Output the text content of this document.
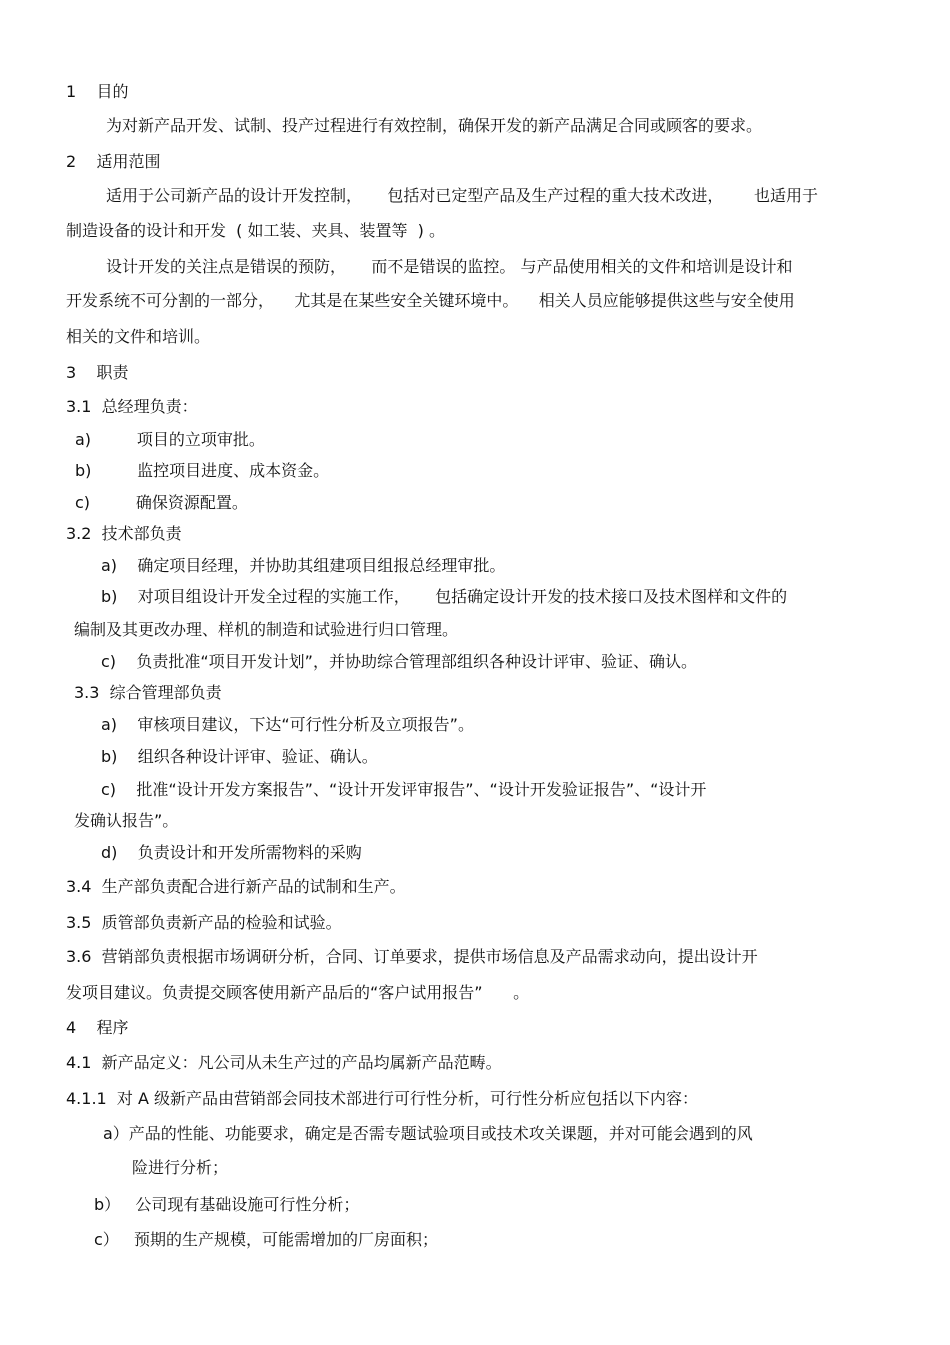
1    目的
为对新产品开发、试制、投产过程进行有效控制，确保开发的新产品满足合同或顾客的要求。
2    适用范围
适用于公司新产品的设计开发控制，     包括对已定型产品及生产过程的重大技术改进，      也适用于
制造设备的设计和开发  ( 如工装、夹具、装置等  ) 。
设计开发的关注点是错误的预防，     而不是错误的监控。 与产品使用相关的文件和培训是设计和
开发系统不可分割的一部分，    尤其是在某些安全关键环境中。    相关人员应能够提供这些与安全使用
相关的文件和培训。
3    职责
3.1  总经理负责：
a)         项目的立项审批。
b)         监控项目进度、成本资金。
c)         确保资源配置。
3.2  技术部负责
a)    确定项目经理，并协助其组建项目组报总经理审批。
b)    对项目组设计开发全过程的实施工作，     包括确定设计开发的技术接口及技术图样和文件的
编制及其更改办理、样机的制造和试验进行归口管理。
c)    负责批准“项目开发计划”，并协助综合管理部组织各种设计评审、验证、确认。
3.3  综合管理部负责
a)    审核项目建议，下达“可行性分析及立项报告”。
b)    组织各种设计评审、验证、确认。
c)    批准“设计开发方案报告”、“设计开发评审报告”、“设计开发验证报告”、“设计开
发确认报告”。
d)    负责设计和开发所需物料的采购
3.4  生产部负责配合进行新产品的试制和生产。
3.5  质管部负责新产品的检验和试验。
3.6  营销部负责根据市场调研分析，合同、订单要求，提供市场信息及产品需求动向，提出设计开
发项目建议。负责提交顾客使用新产品后的“客户试用报告”      。
4    程序
4.1  新产品定义：凡公司从未生产过的产品均属新产品范畴。
4.1.1  对 A 级新产品由营销部会同技术部进行可行性分析，可行性分析应包括以下内容：
a）产品的性能、功能要求，确定是否需专题试验项目或技术攻关课题，并对可能会遇到的风
险进行分析；
b）   公司现有基础设施可行性分析；
c）   预期的生产规模，可能需增加的厂房面积；
